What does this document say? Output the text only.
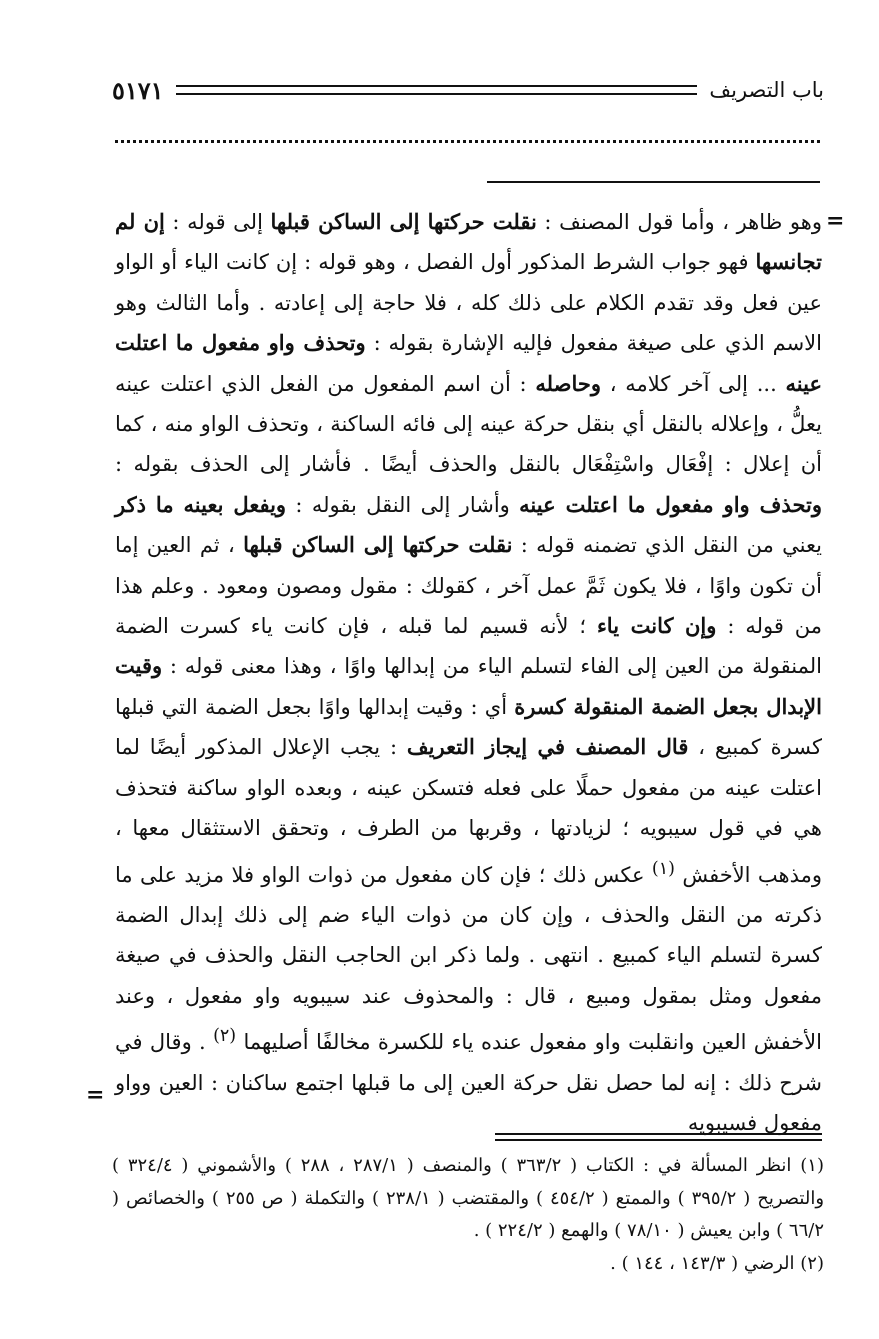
باب التصريف
٥١٧١
=

وهو ظاهر ، وأما قول المصنف : نقلت حركتها إلى الساكن قبلها إلى قوله : إن لم تجانسها فهو جواب الشرط المذكور أول الفصل ، وهو قوله : إن كانت الياء أو الواو عين فعل وقد تقدم الكلام على ذلك كله ، فلا حاجة إلى إعادته . وأما الثالث وهو الاسم الذي على صيغة مفعول فإليه الإشارة بقوله : وتحذف واو مفعول ما اعتلت عينه ... إلى آخر كلامه ، وحاصله : أن اسم المفعول من الفعل الذي اعتلت عينه يعلُّ ، وإعلاله بالنقل أي بنقل حركة عينه إلى فائه الساكنة ، وتحذف الواو منه ، كما أن إعلال : إفْعَال واسْتِفْعَال بالنقل والحذف أيضًا . فأشار إلى الحذف بقوله : وتحذف واو مفعول ما اعتلت عينه وأشار إلى النقل بقوله : ويفعل بعينه ما ذكر يعني من النقل الذي تضمنه قوله : نقلت حركتها إلى الساكن قبلها ، ثم العين إما أن تكون واوًا ، فلا يكون ثَمَّ عمل آخر ، كقولك : مقول ومصون ومعود . وعلم هذا من قوله : وإن كانت ياء ؛ لأنه قسيم لما قبله ، فإن كانت ياء كسرت الضمة المنقولة من العين إلى الفاء لتسلم الياء من إبدالها واوًا ، وهذا معنى قوله : وقيت الإبدال بجعل الضمة المنقولة كسرة أي : وقيت إبدالها واوًا بجعل الضمة التي قبلها كسرة كمبيع ، قال المصنف في إيجاز التعريف : يجب الإعلال المذكور أيضًا لما اعتلت عينه من مفعول حملًا على فعله فتسكن عينه ، وبعده الواو ساكنة فتحذف هي في قول سيبويه ؛ لزيادتها ، وقربها من الطرف ، وتحقق الاستثقال معها ، ومذهب الأخفش $^{(١)}$ عكس ذلك ؛ فإن كان مفعول من ذوات الواو فلا مزيد على ما ذكرته من النقل والحذف ، وإن كان من ذوات الياء ضم إلى ذلك إبدال الضمة كسرة لتسلم الياء كمبيع . انتهى . ولما ذكر ابن الحاجب النقل والحذف في صيغة مفعول ومثل بمقول ومبيع ، قال : والمحذوف عند سيبويه واو مفعول ، وعند الأخفش العين وانقلبت واو مفعول عنده ياء للكسرة مخالفًا أصليهما $^{(٢)}$ . وقال في شرح ذلك : إنه لما حصل نقل حركة العين إلى ما قبلها اجتمع ساكنان : العين وواو مفعول فسيبويه

=

(١) انظر المسألة في : الكتاب ( ٣٦٣/٢ ) والمنصف ( ٢٨٧/١ ، ٢٨٨ ) والأشموني ( ٣٢٤/٤ ) والتصريح ( ٣٩٥/٢ ) والممتع ( ٤٥٤/٢ ) والمقتضب ( ٢٣٨/١ ) والتكملة ( ص ٢٥٥ ) والخصائص ( ٦٦/٢ ) وابن يعيش ( ٧٨/١٠ ) والهمع ( ٢٢٤/٢ ) .

(٢) الرضي ( ١٤٣/٣ ، ١٤٤ ) .
